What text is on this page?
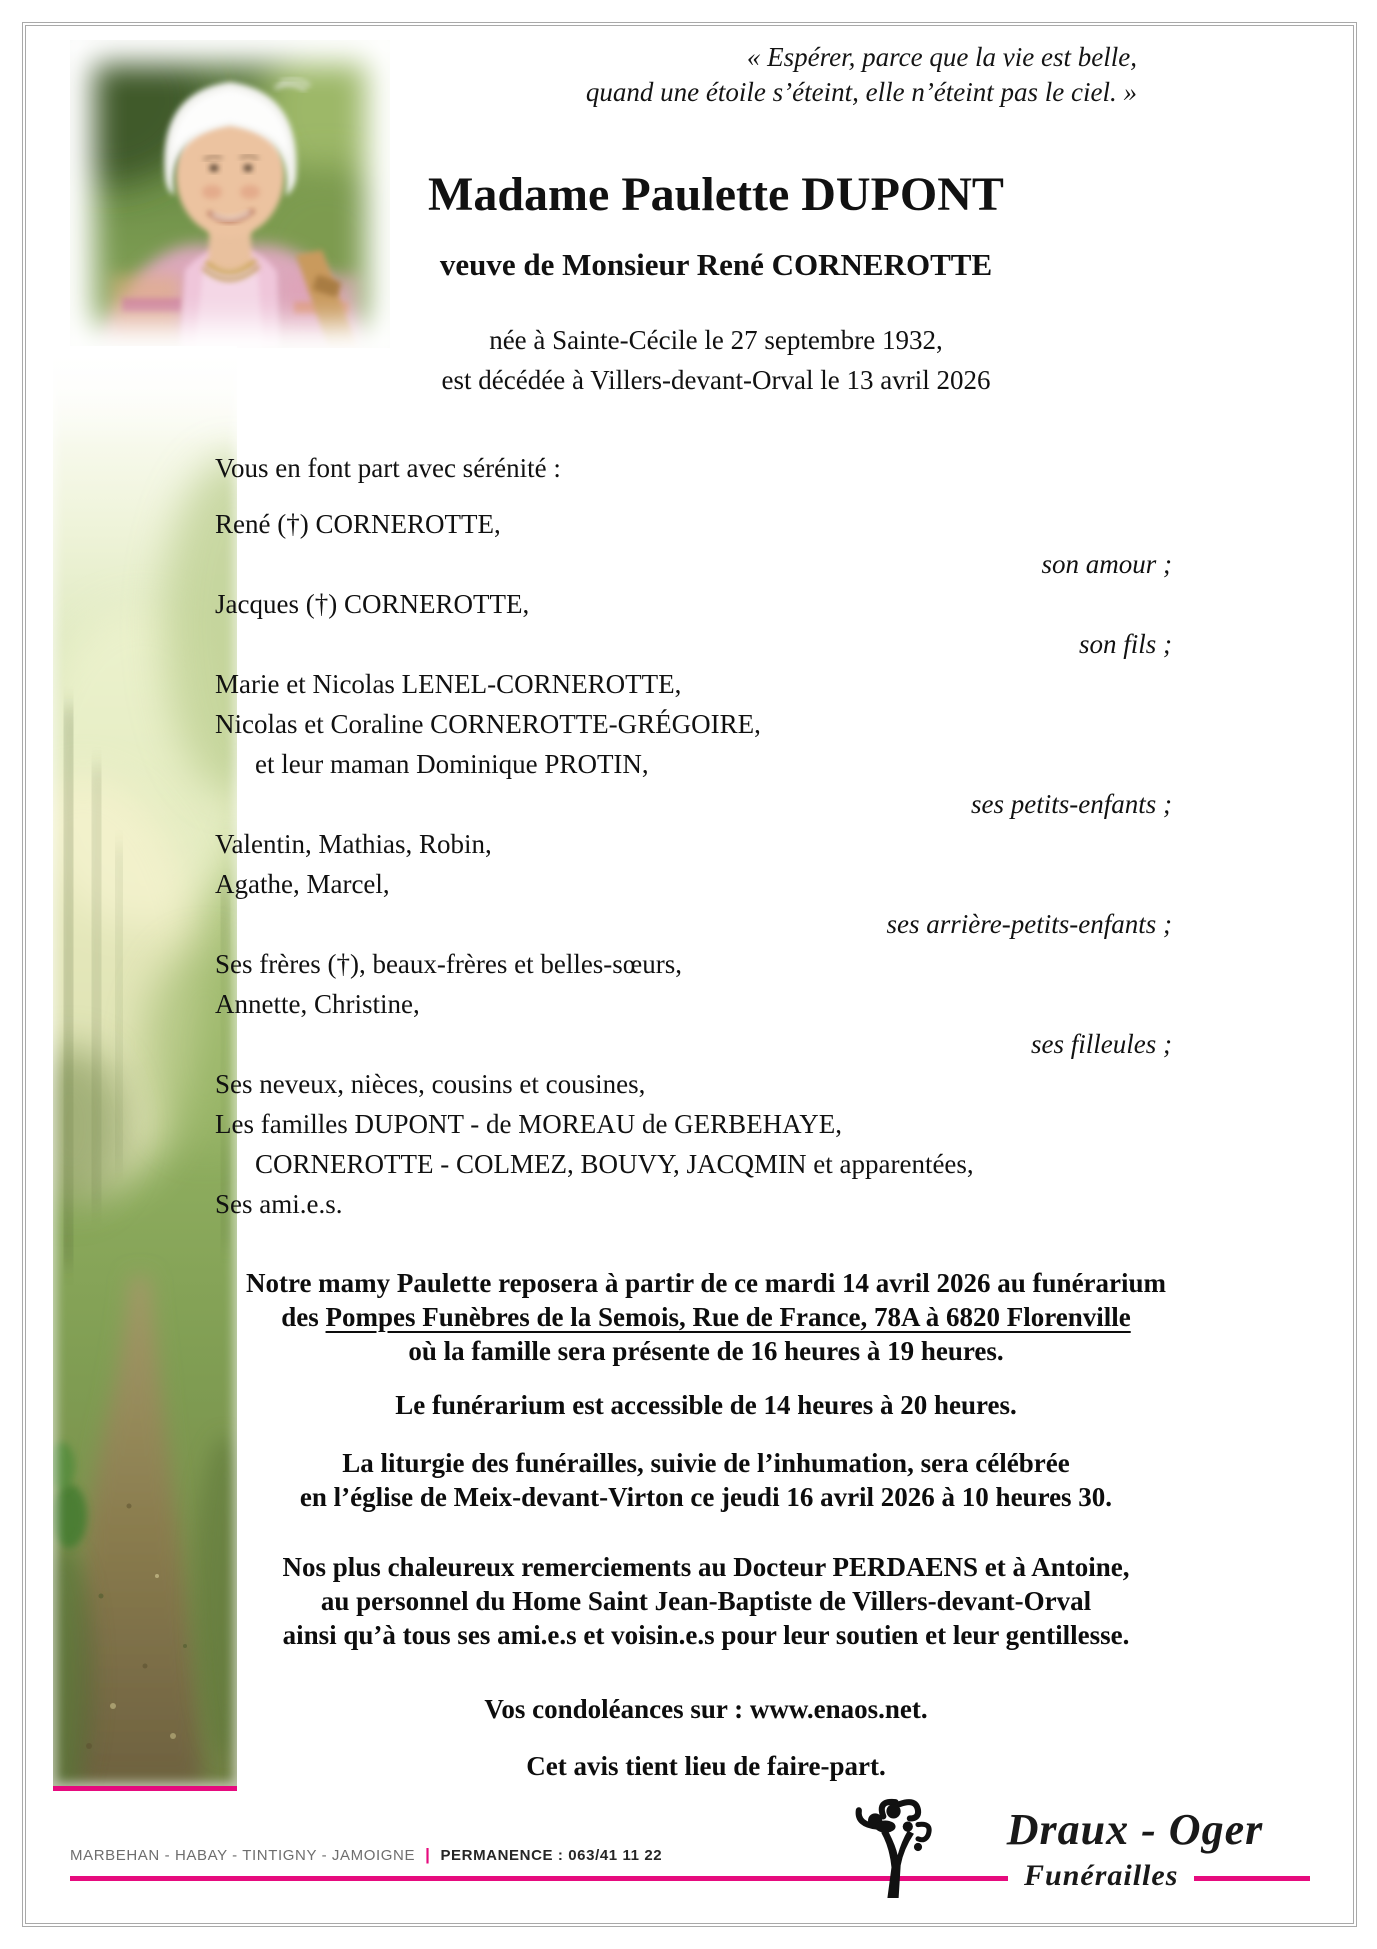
« Espérer, parce que la vie est belle,
quand une étoile s’éteint, elle n’éteint pas le ciel. »
Madame Paulette DUPONT
veuve de Monsieur René CORNEROTTE
née à Sainte-Cécile le 27 septembre 1932,
est décédée à Villers-devant-Orval le 13 avril 2026
Vous en font part avec sérénité :
René (†) CORNEROTTE,
son amour ;
Jacques (†) CORNEROTTE,
son fils ;
Marie et Nicolas LENEL-CORNEROTTE,
Nicolas et Coraline CORNEROTTE-GRÉGOIRE,
et leur maman Dominique PROTIN,
ses petits-enfants ;
Valentin, Mathias, Robin,
Agathe, Marcel,
ses arrière-petits-enfants ;
Ses frères (†), beaux-frères et belles-sœurs,
Annette, Christine,
ses filleules ;
Ses neveux, nièces, cousins et cousines,
Les familles DUPONT - de MOREAU de GERBEHAYE,
CORNEROTTE - COLMEZ, BOUVY, JACQMIN et apparentées,
Ses ami.e.s.

Notre mamy Paulette reposera à partir de ce mardi 14 avril 2026 au funérarium
des Pompes Funèbres de la Semois, Rue de France, 78A à 6820 Florenville
où la famille sera présente de 16 heures à 19 heures.

Le funérarium est accessible de 14 heures à 20 heures.

La liturgie des funérailles, suivie de l’inhumation, sera célébrée
en l’église de Meix-devant-Virton ce jeudi 16 avril 2026 à 10 heures 30.

Nos plus chaleureux remerciements au Docteur PERDAENS et à Antoine,
au personnel du Home Saint Jean-Baptiste de Villers-devant-Orval
ainsi qu’à tous ses ami.e.s et voisin.e.s pour leur soutien et leur gentillesse.

Vos condoléances sur : www.enaos.net.

Cet avis tient lieu de faire-part.

MARBEHAN - HABAY - TINTIGNY - JAMOIGNE | PERMANENCE : 063/41 11 22
Draux - Oger
Funérailles
